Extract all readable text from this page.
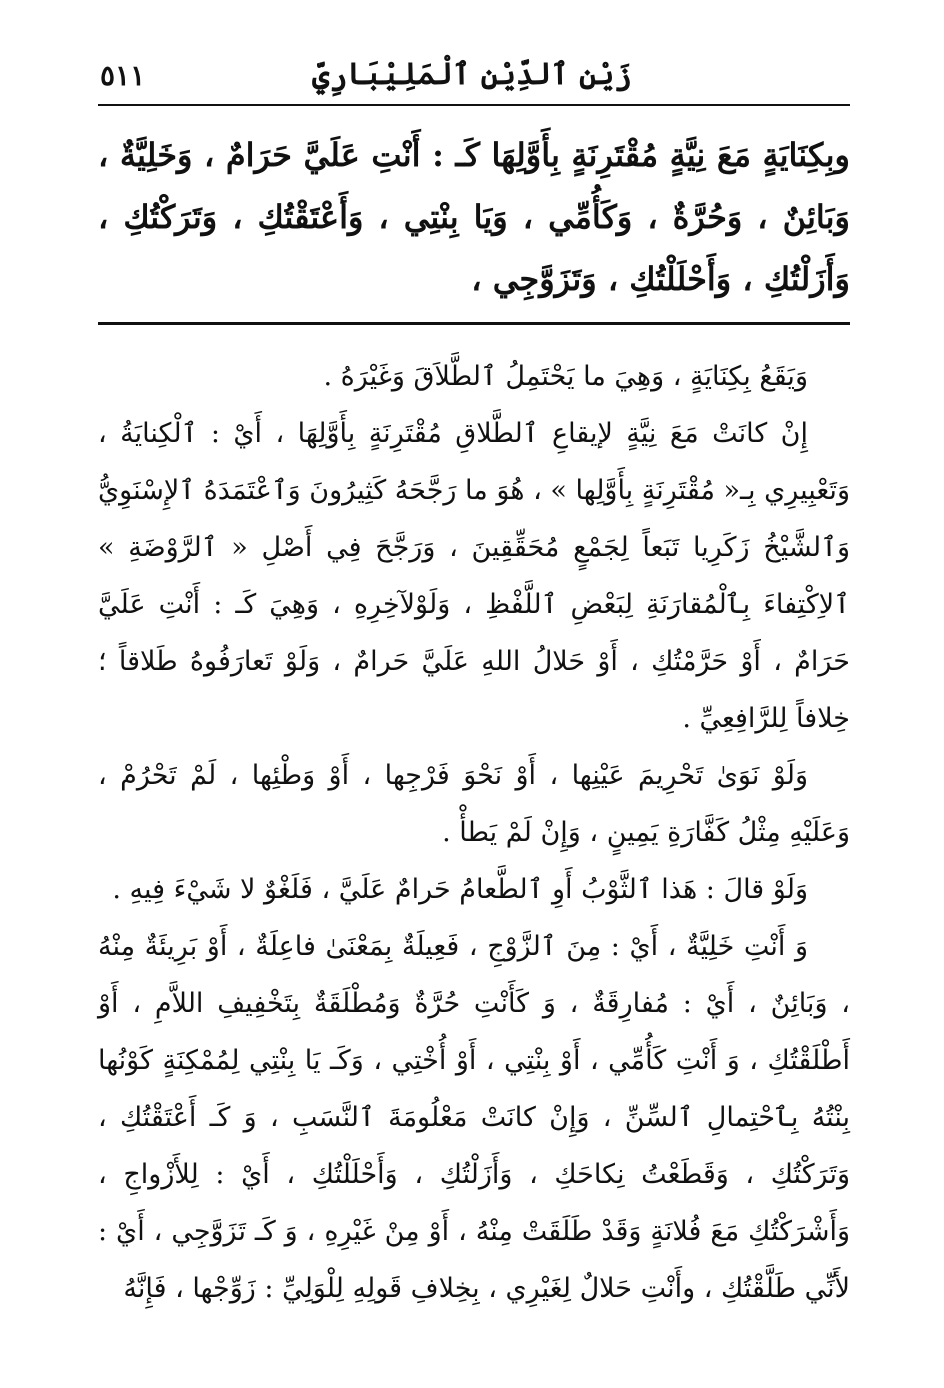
زَيْن ٱلدِّيْنِ ٱلْمَلِيْبَارِيِّ
٥١١
وبِكِنَايَةٍ مَعَ نِيَّةٍ مُقْتَرِنَةٍ بِأَوَّلِهَا كَـ : أَنْتِ عَلَيَّ حَرَامٌ ، وَخَلِيَّةٌ ، وَبَائِنٌ ، وَحُرَّةٌ ، وَكَأُمِّي ، وَيَا بِنْتِي ، وَأَعْتَقْتُكِ ، وَتَرَكْتُكِ ، وَأَزَلْتُكِ ، وَأَحْلَلْتُكِ ، وَتَزَوَّجِي ،

وَيَقَعُ بِكِنَايَةٍ ، وَهِيَ ما يَحْتَمِلُ ٱلطَّلاَقَ وَغَيْرَهُ .

إِنْ كانَتْ مَعَ نِيَّةٍ لإيقاعِ ٱلطَّلاقِ مُقْتَرِنَةٍ بِأَوَّلِهَا ، أَيْ : ٱلْكِنايَةُ ، وَتَعْبِيرِي بِـ« مُقْتَرِنَةٍ بِأَوَّلِها » ، هُوَ ما رَجَّحَهُ كَثِيرُونَ وَٱعْتَمَدَهُ ٱلإِسْنَوِيُّ وَٱلشَّيْخُ زَكَرِيا تَبَعاً لِجَمْعٍ مُحَقِّقِينَ ، وَرَجَّحَ فِي أَصْلِ « ٱلرَّوْضَةِ » ٱلاِكْتِفاءَ بِٱلْمُقارَنَةِ لِبَعْضِ ٱللَّفْظِ ، وَلَوْلآخِرِهِ ، وَهِيَ كَـ : أَنْتِ عَلَيَّ حَرَامٌ ، أَوْ حَرَّمْتُكِ ، أَوْ حَلالُ اللهِ عَلَيَّ حَرامٌ ، وَلَوْ تَعارَفُوهُ طَلاقاً ؛ خِلافاً لِلرَّافِعِيِّ .

وَلَوْ نَوَىٰ تَحْرِيمَ عَيْنِها ، أَوْ نَحْوَ فَرْجِها ، أَوْ وَطْئِها ، لَمْ تَحْرُمْ ، وَعَلَيْهِ مِثْلُ كَفَّارَةِ يَمِينٍ ، وَإِنْ لَمْ يَطأْ .

وَلَوْ قالَ : هَذا ٱلثَّوْبُ أَوِ ٱلطَّعامُ حَرامٌ عَلَيَّ ، فَلَغْوٌ لا شَيْءَ فِيهِ .

وَ أَنْتِ خَلِيَّةٌ ، أَيْ : مِنَ ٱلزَّوْجِ ، فَعِيلَةٌ بِمَعْنَىٰ فاعِلَةٌ ، أَوْ بَرِيئَةٌ مِنْهُ ، وَبَائِنٌ ، أَيْ : مُفارِقَةٌ ، وَ كَأَنْتِ حُرَّةٌ وَمُطْلَقَةٌ بِتَخْفِيفِ اللاَّمِ ، أَوْ أَطْلَقْتُكِ ، وَ أَنْتِ كَأُمِّي ، أَوْ بِنْتِي ، أَوْ أُخْتِي ، وَكَـ يَا بِنْتِي لِمُمْكِنَةٍ كَوْنُها بِنْتُهُ بِٱحْتِمالِ ٱلسِّنِّ ، وَإِنْ كانَتْ مَعْلُومَةَ ٱلنَّسَبِ ، وَ كَـ أَعْتَقْتُكِ ، وَتَرَكْتُكِ ، وَقَطَعْتُ نِكاحَكِ ، وَأَزَلْتُكِ ، وَأَحْلَلْتُكِ ، أَيْ : لِلأَزْواجِ ، وَأَشْرَكْتُكِ مَعَ فُلانَةٍ وَقَدْ طَلَقَتْ مِنْهُ ، أَوْ مِنْ غَيْرِهِ ، وَ كَـ تَزَوَّجِي ، أَيْ : لأَنِّي طَلَّقْتُكِ ، وأَنْتِ حَلالٌ لِغَيْرِي ، بِخِلافِ قَولِهِ لِلْوَلِيِّ : زَوِّجْها ، فَإِنَّهُ
